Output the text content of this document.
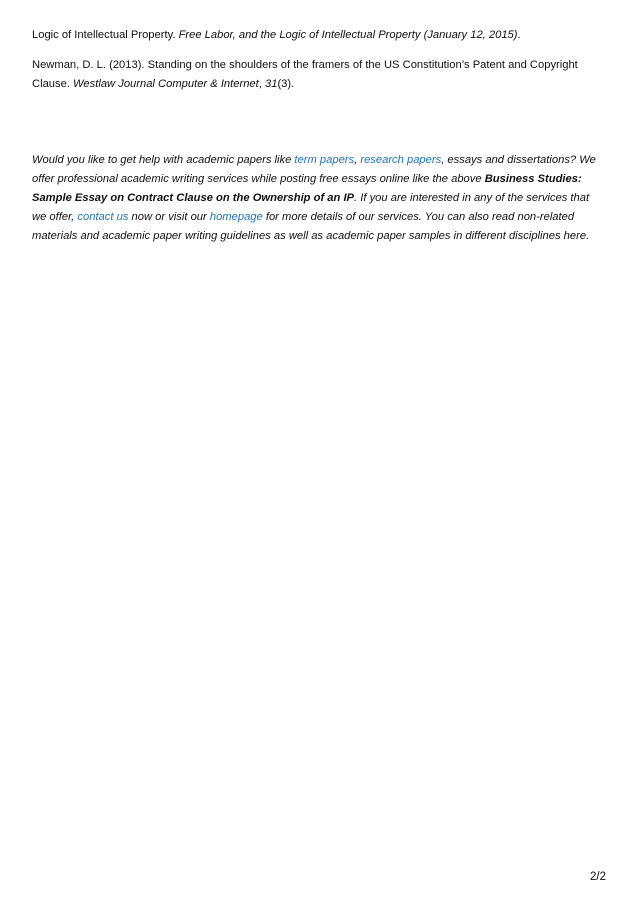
Logic of Intellectual Property. Free Labor, and the Logic of Intellectual Property (January 12, 2015).

Newman, D. L. (2013). Standing on the shoulders of the framers of the US Constitution’s Patent and Copyright Clause. Westlaw Journal Computer & Internet, 31(3).

Would you like to get help with academic papers like term papers, research papers, essays and dissertations? We offer professional academic writing services while posting free essays online like the above Business Studies: Sample Essay on Contract Clause on the Ownership of an IP. If you are interested in any of the services that we offer, contact us now or visit our homepage for more details of our services. You can also read non-related materials and academic paper writing guidelines as well as academic paper samples in different disciplines here.

2/2
